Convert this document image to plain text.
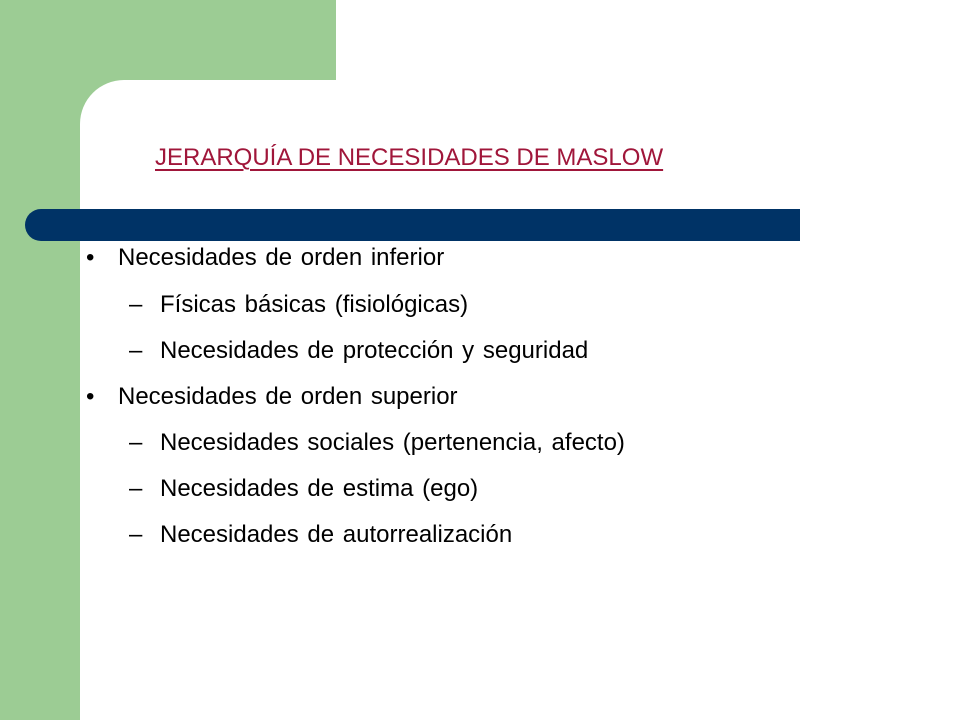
JERARQUÍA DE NECESIDADES DE MASLOW
• Necesidades de orden inferior
– Físicas básicas (fisiológicas)
– Necesidades de protección y seguridad
• Necesidades de orden superior
– Necesidades sociales (pertenencia, afecto)
– Necesidades de estima (ego)
– Necesidades de autorrealización
